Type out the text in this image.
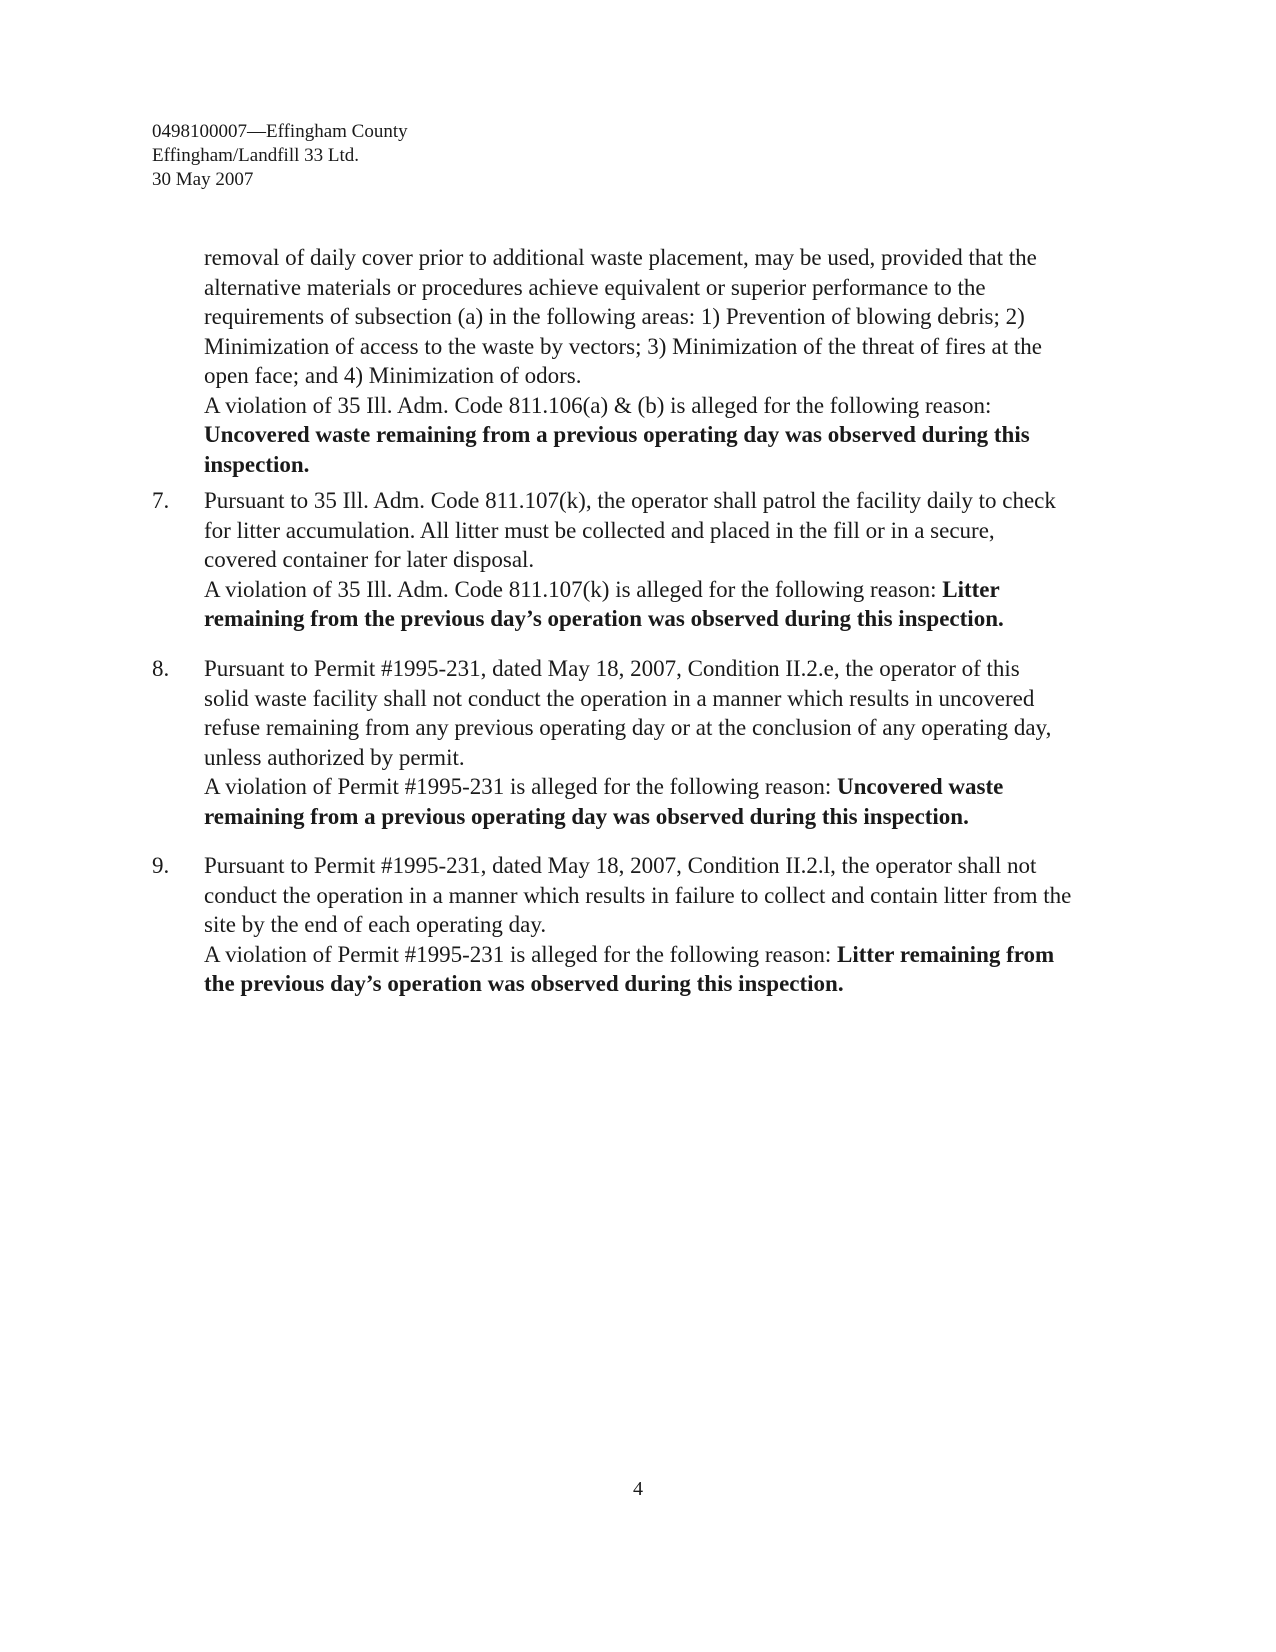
0498100007—Effingham County
Effingham/Landfill 33 Ltd.
30 May 2007
removal of daily cover prior to additional waste placement, may be used, provided that the
alternative materials or procedures achieve equivalent or superior performance to the
requirements of subsection (a) in the following areas: 1) Prevention of blowing debris; 2)
Minimization of access to the waste by vectors; 3) Minimization of the threat of fires at the
open face; and 4) Minimization of odors.
A violation of 35 Ill. Adm. Code 811.106(a) & (b) is alleged for the following reason:
Uncovered waste remaining from a previous operating day was observed during this
inspection.
7.	Pursuant to 35 Ill. Adm. Code 811.107(k), the operator shall patrol the facility daily to check
for litter accumulation. All litter must be collected and placed in the fill or in a secure,
covered container for later disposal.
A violation of 35 Ill. Adm. Code 811.107(k) is alleged for the following reason: Litter
remaining from the previous day’s operation was observed during this inspection.
8.	Pursuant to Permit #1995-231, dated May 18, 2007, Condition II.2.e, the operator of this
solid waste facility shall not conduct the operation in a manner which results in uncovered
refuse remaining from any previous operating day or at the conclusion of any operating day,
unless authorized by permit.
A violation of Permit #1995-231 is alleged for the following reason: Uncovered waste
remaining from a previous operating day was observed during this inspection.
9.	Pursuant to Permit #1995-231, dated May 18, 2007, Condition II.2.l, the operator shall not
conduct the operation in a manner which results in failure to collect and contain litter from the
site by the end of each operating day.
A violation of Permit #1995-231 is alleged for the following reason: Litter remaining from
the previous day’s operation was observed during this inspection.
4
